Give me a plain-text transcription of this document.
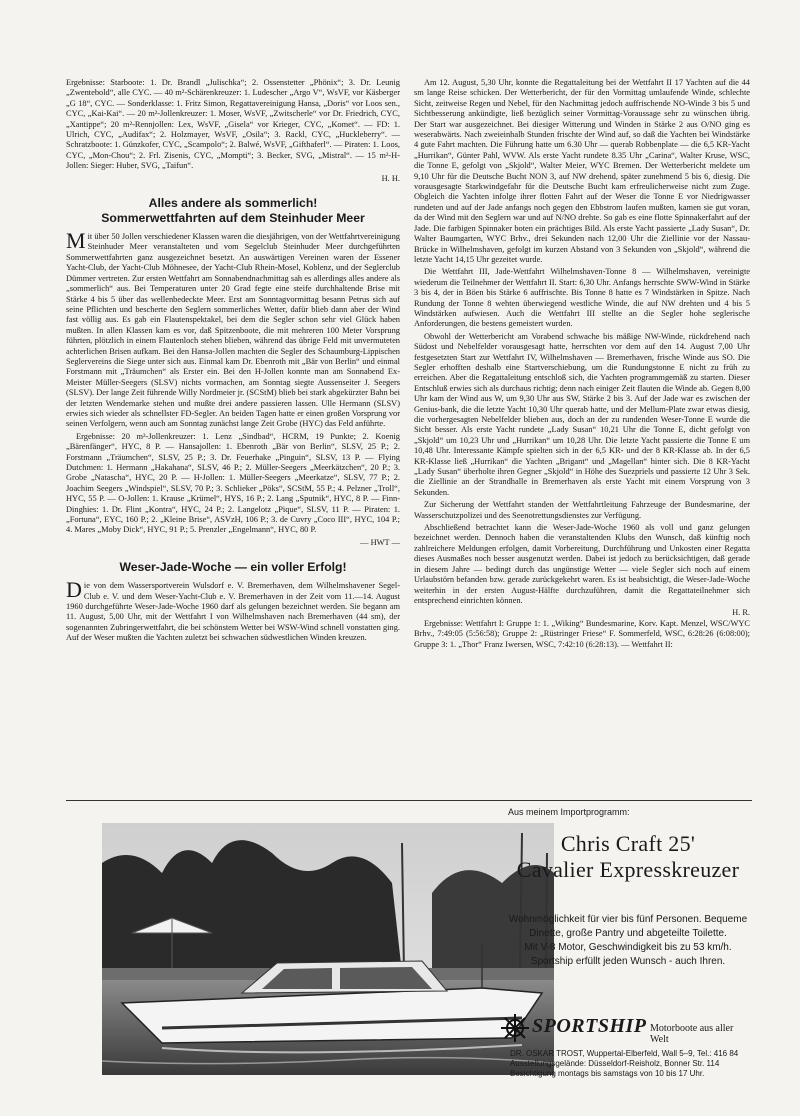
Ergebnisse: Starboote: 1. Dr. Brandl „Julischka“; 2. Ossenstetter „Phönix“; 3. Dr. Leunig „Zwentebold“, alle CYC. — 40 m²-Schärenkreuzer: 1. Ludescher „Argo V“, WsVF, vor Käsberger „G 18“, CYC. — Sonderklasse: 1. Fritz Simon, Regattavereinigung Hansa, „Doris“ vor Loos sen., CYC, „Kai-Kai“. — 20 m²-Jollenkreuzer: 1. Moser, WsVF, „Zwitscherle“ vor Dr. Friedrich, CYC, „Xantippe“; 20 m²-Rennjollen: Lex, WsVF, „Gisela“ vor Krieger, CYC, „Komet“. — FD: 1. Ulrich, CYC, „Audifax“; 2. Holzmayer, WsVF, „Osila“; 3. Rackl, CYC, „Huckleberry“. — Schratzboote: 1. Günzkofer, CYC, „Scampolo“; 2. Balwé, WsVF, „Gifthaferl“. — Piraten: 1. Loos, CYC, „Mon-Chou“; 2. Frl. Zisenis, CYC, „Mompti“; 3. Becker, SVG, „Mistral“. — 15 m²-H-Jollen: Sieger: Huber, SVG, „Taifun“.

H. H.
Alles andere als sommerlich!
Sommerwettfahrten auf dem Steinhuder Meer

Mit über 50 Jollen verschiedener Klassen waren die diesjährigen, von der Wettfahrtvereinigung Steinhuder Meer veranstalteten und vom Segelclub Steinhuder Meer durchgeführten Sommerwettfahrten ganz ausgezeichnet besetzt. An auswärtigen Vereinen waren der Essener Yacht-Club, der Yacht-Club Möhnesee, der Yacht-Club Rhein-Mosel, Koblenz, und der Seglerclub Dümmer vertreten. Zur ersten Wettfahrt am Sonnabendnachmittag sah es allerdings alles andere als „sommerlich“ aus. Bei Temperaturen unter 20 Grad fegte eine steife durchhaltende Brise mit Stärke 4 bis 5 über das wellenbedeckte Meer. Erst am Sonntagvormittag besann Petrus sich auf seine Pflichten und bescherte den Seglern sommerliches Wetter, dafür blieb dann aber der Wind fast völlig aus. Es gab ein Flautenspektakel, bei dem die Segler schon sehr viel Glück haben mußten. In allen Klassen kam es vor, daß Spitzenboote, die mit mehreren 100 Meter Vorsprung führten, plötzlich in einem Flautenloch stehen blieben, während das übrige Feld mit unvermuteten achterlichen Brisen aufkam. Bei den Hansa-Jollen machten die Segler des Schaumburg-Lippischen Seglervereins die Siege unter sich aus. Einmal kam Dr. Ebenroth mit „Bär von Berlin“ und einmal Forstmann mit „Träumchen“ als Erster ein. Bei den H-Jollen konnte man am Sonnabend Ex-Meister Müller-Seegers (SLSV) nichts vormachen, am Sonntag siegte Aussenseiter J. Seegers (SLSV). Der lange Zeit führende Willy Nordmeier jr. (SCStM) blieb bei stark abgekürzter Bahn bei der letzten Wendemarke stehen und mußte drei andere passieren lassen. Ulle Hermann (SLSV) erwies sich wieder als schnellster FD-Segler. An beiden Tagen hatte er einen großen Vorsprung vor seinen Verfolgern, wenn auch am Sonntag zunächst lange Zeit Grobe (HYC) das Feld anführte.

Ergebnisse: 20 m²-Jollenkreuzer: 1. Lenz „Sindbad“, HCRM, 19 Punkte; 2. Koenig „Bärenfänger“, HYC, 8 P. — Hansajollen: 1. Ebenroth „Bär von Berlin“, SLSV, 25 P.; 2. Forstmann „Träumchen“, SLSV, 25 P.; 3. Dr. Feuerhake „Pinguin“, SLSV, 13 P. — Flying Dutchmen: 1. Hermann „Hakahana“, SLSV, 46 P.; 2. Müller-Seegers „Meerkätzchen“, 20 P.; 3. Grobe „Natascha“, HYC, 20 P. — H-Jollen: 1. Müller-Seegers „Meerkatze“, SLSV, 77 P.; 2. Joachim Seegers „Windspiel“, SLSV, 70 P.; 3. Schlieker „Pöks“, SCStM, 55 P.; 4. Pelzner „Troll“, HYC, 55 P. — O-Jollen: 1. Krause „Krümel“, HYS, 16 P.; 2. Lang „Sputnik“, HYC, 8 P. — Finn-Dinghies: 1. Dr. Flint „Kontra“, HYC, 24 P.; 2. Langelotz „Pique“, SLSV, 11 P. — Piraten: 1. „Fortuna“, EYC, 160 P.; 2. „Kleine Brise“, ASVzH, 106 P.; 3. de Cuvry „Coco III“, HYC, 104 P.; 4. Mares „Moby Dick“, HYC, 91 P.; 5. Prenzler „Engelmann“, HYC, 80 P.

— HWT —
Weser-Jade-Woche — ein voller Erfolg!

Die von dem Wassersportverein Wulsdorf e. V. Bremerhaven, dem Wilhelmshavener Segel-Club e. V. und dem Weser-Yacht-Club e. V. Bremerhaven in der Zeit vom 11.—14. August 1960 durchgeführte Weser-Jade-Woche 1960 darf als gelungen bezeichnet werden. Sie begann am 11. August, 5,00 Uhr, mit der Wettfahrt I von Wilhelmshaven nach Bremerhaven (44 sm), der sogenannten Zubringerwettfahrt, die bei schönstem Wetter bei WSW-Wind schnell vonstatten ging. Auf der Weser mußten die Yachten zuletzt bei schwachen südwestlichen Winden kreuzen.

Am 12. August, 5,30 Uhr, konnte die Regattaleitung bei der Wettfahrt II 17 Yachten auf die 44 sm lange Reise schicken. Der Wetterbericht, der für den Vormittag umlaufende Winde, schlechte Sicht, zeitweise Regen und Nebel, für den Nachmittag jedoch auffrischende NO-Winde 3 bis 5 und Sichtbesserung ankündigte, ließ bezüglich seiner Vormittag-Voraussage sehr zu wünschen übrig. Der Start war ausgezeichnet. Bei diesiger Witterung und Winden in Stärke 2 aus O/NO ging es weserabwärts. Nach zweieinhalb Stunden frischte der Wind auf, so daß die Yachten bei Windstärke 4 gute Fahrt machten. Die Führung hatte um 6.30 Uhr — querab Robbenplate — die 6,5 KR-Yacht „Hurrikan“, Günter Pahl, WVW. Als erste Yacht rundete 8.35 Uhr „Carina“, Walter Kruse, WSC, die Tonne E, gefolgt von „Skjold“, Walter Meier, WYC Bremen. Der Wetterbericht meldete um 9,10 Uhr für die Deutsche Bucht NON 3, auf NW drehend, später zunehmend 5 bis 6, diesig. Die vorausgesagte Starkwindgefahr für die Deutsche Bucht kam erfreulicherweise nicht zum Zuge. Obgleich die Yachten infolge ihrer flotten Fahrt auf der Weser die Tonne E vor Niedrigwasser rundeten und auf der Jade anfangs noch gegen den Ebbstrom laufen mußten, kamen sie gut voran, da der Wind mit den Seglern war und auf N/NO drehte. So gab es eine flotte Spinnakerfahrt auf der Jade. Die farbigen Spinnaker boten ein prächtiges Bild. Als erste Yacht passierte „Lady Susan“, Dr. Walter Baumgarten, WYC Brhv., drei Sekunden nach 12,00 Uhr die Ziellinie vor der Nassau-Brücke in Wilhelmshaven, gefolgt im kurzen Abstand von 3 Sekunden von „Skjold“, während die letzte Yacht 14,15 Uhr gezeitet wurde.

Die Wettfahrt III, Jade-Wettfahrt Wilhelmshaven-Tonne 8 — Wilhelmshaven, vereinigte wiederum die Teilnehmer der Wettfahrt II. Start: 6,30 Uhr. Anfangs herrschte SWW-Wind in Stärke 3 bis 4, der in Böen bis Stärke 6 auffrischte. Bis Tonne 8 hatte es 7 Windstärken in Spitze. Nach Rundung der Tonne 8 wehten überwiegend westliche Winde, die auf NW drehten und 4 bis 5 Windstärken aufwiesen. Auch die Wettfahrt III stellte an die Segler hohe seglerische Anforderungen, die bestens gemeistert wurden.

Obwohl der Wetterbericht am Vorabend schwache bis mäßige NW-Winde, rückdrehend nach Südost und Nebelfelder vorausgesagt hatte, herrschten vor dem auf den 14. August 7,00 Uhr festgesetzten Start zur Wettfahrt IV, Wilhelmshaven — Bremerhaven, frische Winde aus SO. Die Segler erhofften deshalb eine Startverschiebung, um die Rundungstonne E nicht zu früh zu erreichen. Aber die Regattaleitung entschloß sich, die Yachten programmgemäß zu starten. Dieser Entschluß erwies sich als durchaus richtig; denn nach einiger Zeit flauten die Winde ab. Gegen 8,00 Uhr kam der Wind aus W, um 9,30 Uhr aus SW, Stärke 2 bis 3. Auf der Jade war es zwischen der Genius-bank, die die letzte Yacht 10,30 Uhr querab hatte, und der Mellum-Plate zwar etwas diesig, die vorhergesagten Nebelfelder blieben aus, doch an der zu rundenden Weser-Tonne E wurde die Sicht besser. Als erste Yacht rundete „Lady Susan“ 10,21 Uhr die Tonne E, dicht gefolgt von „Skjold“ um 10,23 Uhr und „Hurrikan“ um 10,28 Uhr. Die letzte Yacht passierte die Tonne E um 10,48 Uhr. Interessante Kämpfe spielten sich in der 6,5 KR- und der 8 KR-Klasse ab. In der 6,5 KR-Klasse ließ „Hurrikan“ die Yachten „Brigant“ und „Magellan“ hinter sich. Die 8 KR-Yacht „Lady Susan“ überholte ihren Gegner „Skjold“ in Höhe des Suezpriels und passierte 12 Uhr 3 Sek. die Ziellinie an der Strandhalle in Bremerhaven als erste Yacht mit einem Vorsprung von 3 Sekunden.

Zur Sicherung der Wettfahrt standen der Wettfahrtleitung Fahrzeuge der Bundesmarine, der Wasserschutzpolizei und des Seenotrettungsdienstes zur Verfügung.

Abschließend betrachtet kann die Weser-Jade-Woche 1960 als voll und ganz gelungen bezeichnet werden. Dennoch haben die veranstaltenden Klubs den Wunsch, daß künftig noch zahlreichere Meldungen erfolgen, damit Vorbereitung, Durchführung und Unkosten einer Regatta dieses Ausmaßes noch besser ausgenutzt werden. Dabei ist jedoch zu berücksichtigen, daß gerade in diesem Jahre — bedingt durch das ungünstige Wetter — viele Segler sich noch auf einem Urlaubstörn befanden bzw. gerade zurückgekehrt waren. Es ist beabsichtigt, die Weser-Jade-Woche weiterhin in der ersten August-Hälfte durchzuführen, damit die Regattateilnehmer sich entsprechend einrichten können.

H. R.

Ergebnisse: Wettfahrt I: Gruppe 1: 1. „Wiking“ Bundesmarine, Korv. Kapt. Menzel, WSC/WYC Brhv., 7:49:05 (5:56:58); Gruppe 2: „Rüstringer Friese“ F. Sommerfeld, WSC, 6:28:26 (6:08:00); Gruppe 3: 1. „Thor“ Franz Iwersen, WSC, 7:42:10 (6:28:13). — Wettfahrt II:

Aus meinem Importprogramm:
Chris Craft 25'
Cavalier Expresskreuzer
Wohnmöglichkeit für vier bis fünf Personen. Bequeme
Dinette, große Pantry und abgeteilte Toilette.
Mit V-8 Motor, Geschwindigkeit bis zu 53 km/h.
Sportship erfüllt jeden Wunsch - auch Ihren.
SPORTSHIP Motorboote aus aller Welt
DR. OSKAR TROST, Wuppertal-Elberfeld, Wall 5–9, Tel.: 416 84
Ausstellungsgelände: Düsseldorf-Reisholz, Bonner Str. 114
Besichtigung montags bis samstags von 10 bis 17 Uhr.
